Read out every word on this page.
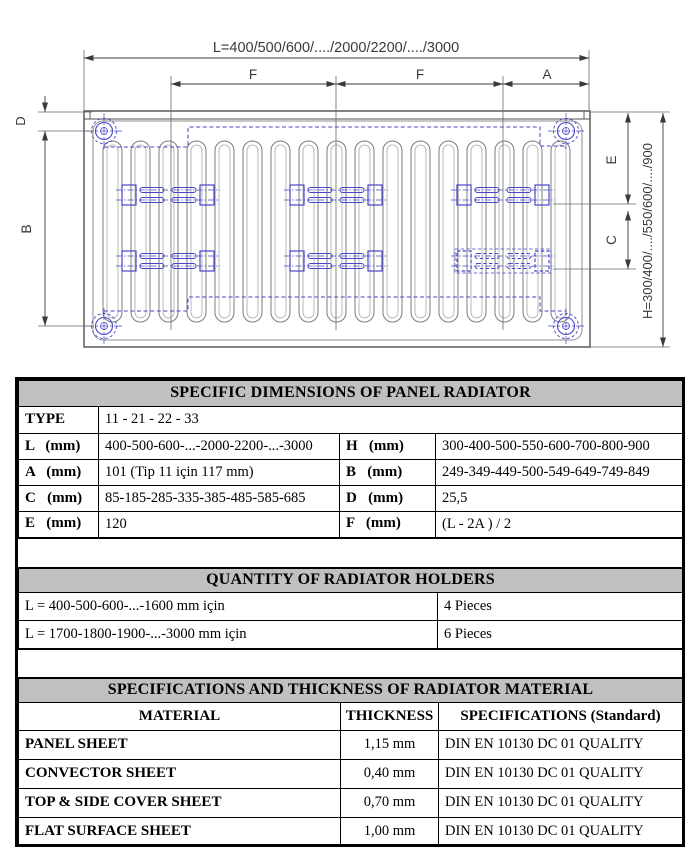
L=400/500/600/..../2000/2200/..../3000
F	F	A
D
B
E
C H=300/400/..../550/600/..../900
SPECIFIC DIMENSIONS OF PANEL RADIATOR			
TYPE	11 - 21 - 22 - 33		
L   (mm)	400-500-600-...-2000-2200-...-3000	H   (mm)	300-400-500-550-600-700-800-900
A   (mm)	101 (Tip 11 için 117 mm)	B   (mm)	249-349-449-500-549-649-749-849
C   (mm)	85-185-285-335-385-485-585-685	D   (mm)	25,5
E   (mm)	120	F   (mm)	(L - 2A ) / 2
QUANTITY OF RADIATOR HOLDERS	
L = 400-500-600-...-1600 mm için	4 Pieces
L = 1700-1800-1900-...-3000 mm için	6 Pieces
SPECIFICATIONS AND THICKNESS OF RADIATOR MATERIAL		
MATERIAL	THICKNESS	SPECIFICATIONS (Standard)
PANEL SHEET	1,15 mm	DIN EN 10130 DC 01 QUALITY
CONVECTOR SHEET	0,40 mm	DIN EN 10130 DC 01 QUALITY
TOP & SIDE COVER SHEET	0,70 mm	DIN EN 10130 DC 01 QUALITY
FLAT SURFACE SHEET	1,00 mm	DIN EN 10130 DC 01 QUALITY
